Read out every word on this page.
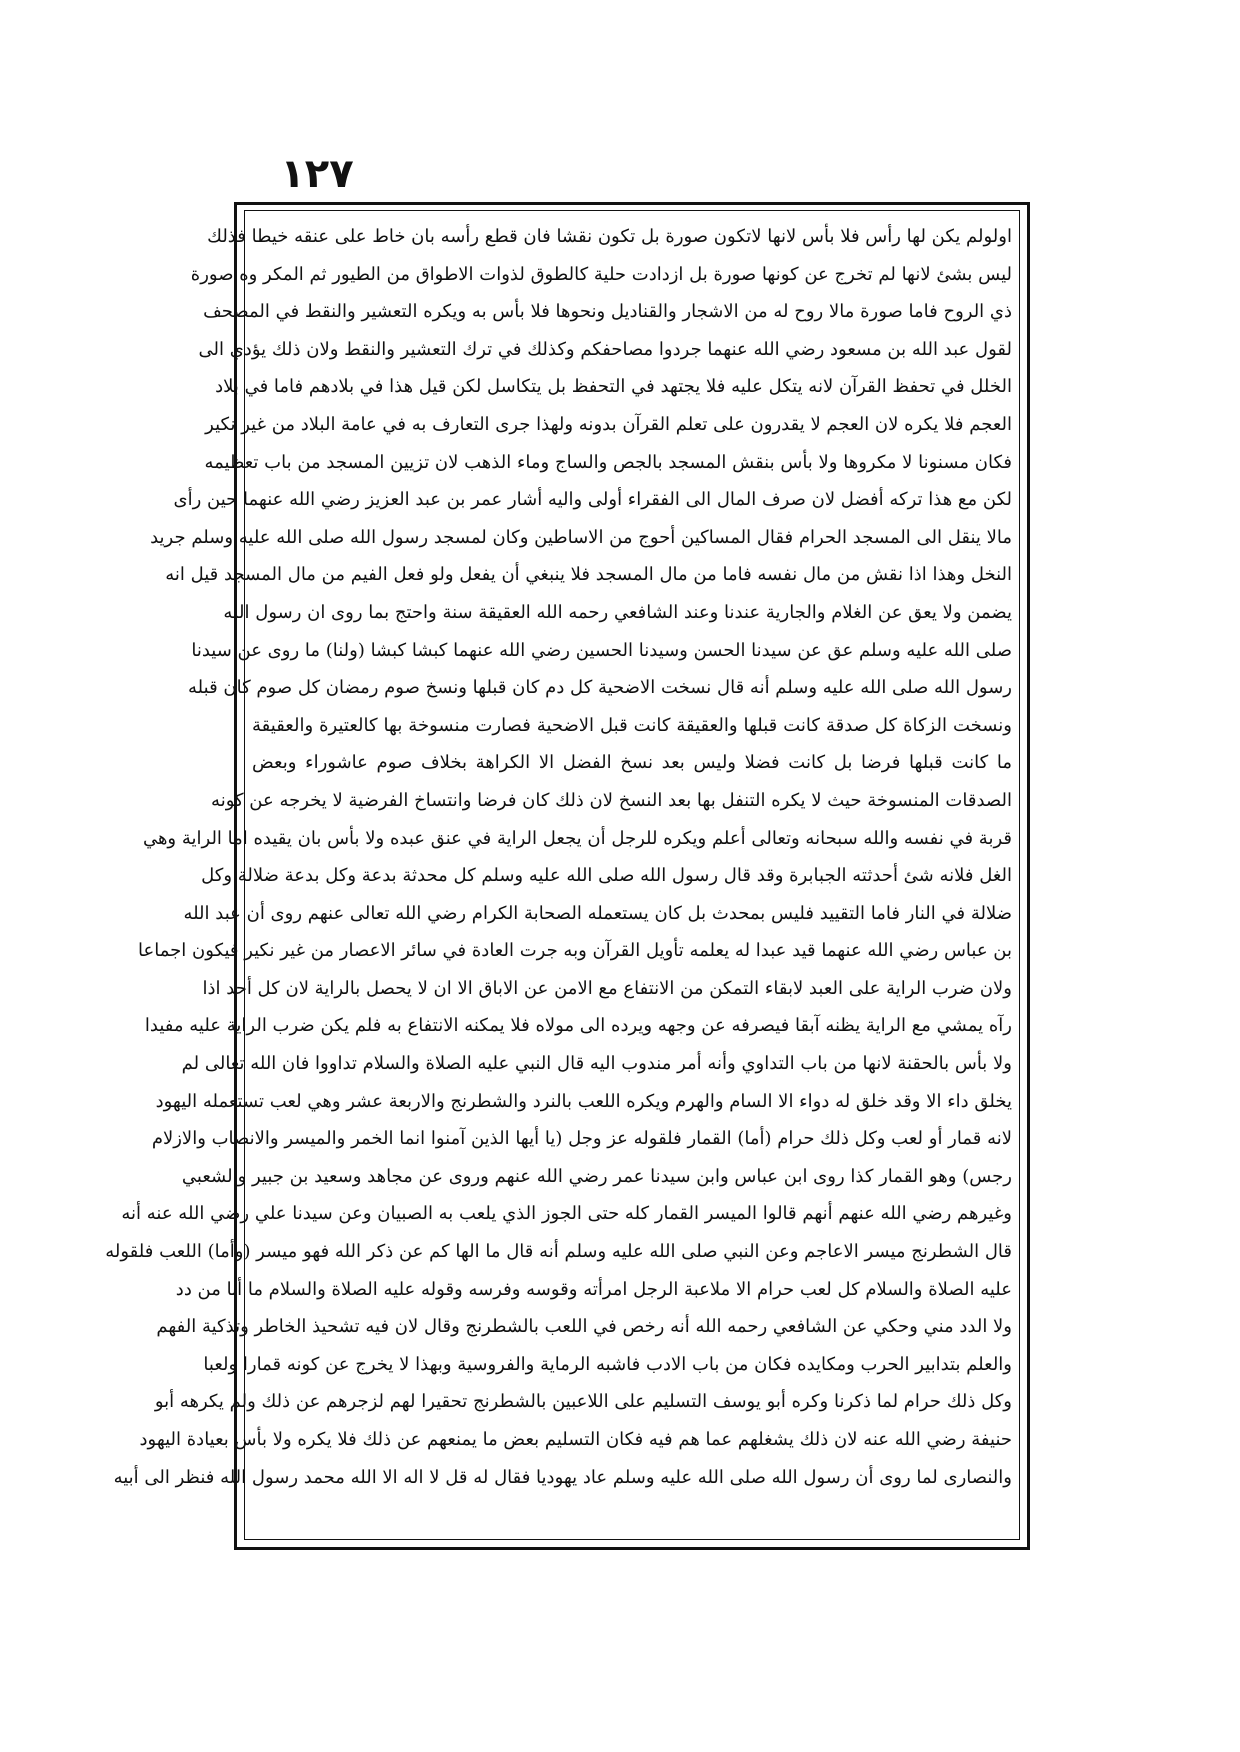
١٢٧
اولولم يكن لها رأس فلا بأس لانها لاتكون صورة بل تكون نقشا فان قطع رأسه بان خاط على عنقه خيطا فذلك
ليس بشئ لانها لم تخرج عن كونها صورة بل ازدادت حلية كالطوق لذوات الاطواق من الطيور ثم المكر وه صورة
ذي الروح فاما صورة مالا روح له من الاشجار والقناديل ونحوها فلا بأس به ويكره التعشير والنقط في المصحف
لقول عبد الله بن مسعود رضي الله عنهما جردوا مصاحفكم وكذلك في ترك التعشير والنقط ولان ذلك يؤدي الى
الخلل في تحفظ القرآن لانه يتكل عليه فلا يجتهد في التحفظ بل يتكاسل لكن قيل هذا في بلادهم فاما في بلاد
العجم فلا يكره لان العجم لا يقدرون على تعلم القرآن بدونه ولهذا جرى التعارف به في عامة البلاد من غير نكير
فكان مسنونا لا مكروها ولا بأس بنقش المسجد بالجص والساج وماء الذهب لان تزيين المسجد من باب تعظيمه
لكن مع هذا تركه أفضل لان صرف المال الى الفقراء أولى واليه أشار عمر بن عبد العزيز رضي الله عنهما حين رأى
مالا ينقل الى المسجد الحرام فقال المساكين أحوج من الاساطين وكان لمسجد رسول الله صلى الله عليه وسلم جريد
النخل وهذا اذا نقش من مال نفسه فاما من مال المسجد فلا ينبغي أن يفعل ولو فعل الفيم من مال المسجد قيل انه
يضمن ولا يعق عن الغلام والجارية عندنا وعند الشافعي رحمه الله العقيقة سنة واحتج بما روى ان رسول الله
صلى الله عليه وسلم عق عن سيدنا الحسن وسيدنا الحسين رضي الله عنهما كبشا كبشا (ولنا) ما روى عن سيدنا
رسول الله صلى الله عليه وسلم أنه قال نسخت الاضحية كل دم كان قبلها ونسخ صوم رمضان كل صوم كان قبله
ونسخت الزكاة كل صدقة كانت قبلها والعقيقة كانت قبل الاضحية فصارت منسوخة بها كالعتيرة والعقيقة
ما كانت قبلها فرضا بل كانت فضلا وليس بعد نسخ الفضل الا الكراهة بخلاف صوم عاشوراء وبعض
الصدقات المنسوخة حيث لا يكره التنفل بها بعد النسخ لان ذلك كان فرضا وانتساخ الفرضية لا يخرجه عن كونه
قربة في نفسه والله سبحانه وتعالى أعلم ويكره للرجل أن يجعل الراية في عنق عبده ولا بأس بان يقيده اما الراية وهي
الغل فلانه شئ أحدثته الجبابرة وقد قال رسول الله صلى الله عليه وسلم كل محدثة بدعة وكل بدعة ضلالة وكل
ضلالة في النار فاما التقييد فليس بمحدث بل كان يستعمله الصحابة الكرام رضي الله تعالى عنهم روى أن عبد الله
بن عباس رضي الله عنهما قيد عبدا له يعلمه تأويل القرآن وبه جرت العادة في سائر الاعصار من غير نكير فيكون اجماعا
ولان ضرب الراية على العبد لابقاء التمكن من الانتفاع مع الامن عن الاباق الا ان لا يحصل بالراية لان كل أحد اذا
رآه يمشي مع الراية يظنه آبقا فيصرفه عن وجهه ويرده الى مولاه فلا يمكنه الانتفاع به فلم يكن ضرب الراية عليه مفيدا
ولا بأس بالحقنة لانها من باب التداوي وأنه أمر مندوب اليه قال النبي عليه الصلاة والسلام تداووا فان الله تعالى لم
يخلق داء الا وقد خلق له دواء الا السام والهرم ويكره اللعب بالنرد والشطرنج والاربعة عشر وهي لعب تستعمله اليهود
لانه قمار أو لعب وكل ذلك حرام (أما) القمار فلقوله عز وجل (يا أيها الذين آمنوا انما الخمر والميسر والانصاب والازلام
رجس) وهو القمار كذا روى ابن عباس وابن سيدنا عمر رضي الله عنهم وروى عن مجاهد وسعيد بن جبير والشعبي
وغيرهم رضي الله عنهم أنهم قالوا الميسر القمار كله حتى الجوز الذي يلعب به الصبيان وعن سيدنا علي رضي الله عنه أنه
قال الشطرنج ميسر الاعاجم وعن النبي صلى الله عليه وسلم أنه قال ما الها كم عن ذكر الله فهو ميسر (وأما) اللعب فلقوله
عليه الصلاة والسلام كل لعب حرام الا ملاعبة الرجل امرأته وقوسه وفرسه وقوله عليه الصلاة والسلام ما أنا من دد
ولا الدد مني وحكي عن الشافعي رحمه الله أنه رخص في اللعب بالشطرنج وقال لان فيه تشحيذ الخاطر وتذكية الفهم
والعلم بتدابير الحرب ومكايده فكان من باب الادب فاشبه الرماية والفروسية وبهذا لا يخرج عن كونه قمارا ولعبا
وكل ذلك حرام لما ذكرنا وكره أبو يوسف التسليم على اللاعبين بالشطرنج تحقيرا لهم لزجرهم عن ذلك ولم يكرهه أبو
حنيفة رضي الله عنه لان ذلك يشغلهم عما هم فيه فكان التسليم بعض ما يمنعهم عن ذلك فلا يكره ولا بأس بعيادة اليهود
والنصارى لما روى أن رسول الله صلى الله عليه وسلم عاد يهوديا فقال له قل لا اله الا الله محمد رسول الله فنظر الى أبيه
